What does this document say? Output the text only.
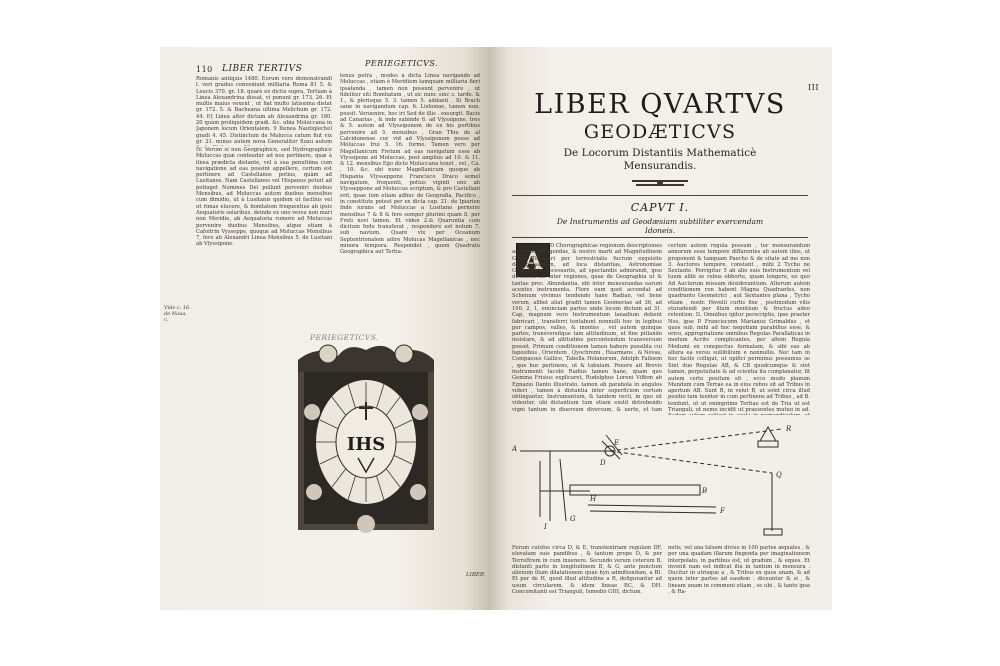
110 LIBER TERTIVS
PERIEGETICVS.
Romanis antiquis 1480. Eorum vero demonstrandi l. veri gradus conveniunt milliaria Roma 81 5. & Leucis 370. gr. 18. quare ex dictis supra, Tertiam à Linea Alexandrina dissat, vi ponunt gr. 173. 26. Et multis maius vexent , ut fiat multo latissima distat gr. 172. 5. & Bacheana ultima Melichum gr. 172. 44. Et Linea alter dictam ab Alexandrina gr. 180. 20 quàm proliquidem gradi. &c. ubia Moluccana in Japonem locum Orientalem. 9 Itenea Nautiqlechel gradi 4. 45. Distinctum de Molucca catum fiut vix gr. 21. minus autem nova Generaliter fluxu autem
IV. Verum si non Geographicè, sed Hydrographicè Moluccas quæ conteudur ad nos pertinere, quæ à linea prædicta distante, vel à sua penultima cum navigatione ad eas possint appellere, certum est pertinere ad Castellanos potius, quàm ad Lusitanos. Nam Castellanos vel Hispanos potuit ad potiuget Nomines Dei pollunt perveniri duobus Mensibus, ad Moluccas autem duobus mensibus cum dimidio, ut à Lusitanis quidem ut facilius vel ut rimas elucere, & bonitatem frequentius ab ipsis Aequatoris solaribus, deinde ex uno versu non mari non Meridie, ab Aequatoria rumore ad Moluccas pervenire duobus Mensibus, atque etiam à Cafoitrin Vysseppe, quoque ad Moluccas Mensibus 7, fere ab Alexandri Linea Mensibus 5. de Lusitani ab Vlyssipone.
Vide c. 16. de Naua. c.
tenus petra , modos à dicta Linea navigando ad Moluccas , etiam ò Meridiem tamquam milliaria fieri ipsalanda , tamen non possunt pervenire , ut fideliter siti Bomhatum , ut sic nunc sinc s. tarde. & 1., & plerisque 5. 3. tamen 5. addanti , Ili Brach sane in navigandum cap. 6. Lisbonae, tamen non. possit. Veruenire, hoc iri Sed de illis . exsurgit. Bacis ad Canarias , & inde subinde 6. ad Vlyssipone, tres & 5. autem ad Vlyssiponem de ex his portibus pervenire ad 5. mensibus , Gran Thiu de al Calcidonense cur vid ad Vlyssiponem posse ad Moluccas frui 5. 16. forme. Tamen vero per Magellanicum Fretum ad eas navigatum esse ab Vlyssipone ad Moluccas, post amplius ad 10. & 11. & 12. mensibus Ego dicto Moluccana tenet , vel , Ca. , 10. &c. ubi nunc Magellanicum quoque ab Hispania Vlysseppone Francisco Draco semel navigatum, frequenti, potius viginti uno ab Vlysseppone ad Moluccas scriptum, & pro Castellani erit, quae tum etiam adhuc de Geografia, Pacifico , in constitute potest per ex dicta cap. 21. de Ipiarion Inde iurans ad Moluccas a Lusitano perneire mensibus 7 & 8 & fere semper plurimi quam 8. per Freti novi tamen. Et viden 2.& Quaruntia cum dicitum Inde transferat , respondere est notum 7. sub navium. Quare vix per Oceanum Septentrionalem adire Molucas Magellanicae , nec minora tempora. Respondet , quem Quadrato Geographica aut Tertia-
PERIEGETICVS.
IHS
LIBER
III
LIBER QVARTVS
GEODÆTICVS
De Locorum Distantiis Mathematicè
Mensurandis.
CAPVT I.
De Instrumentis ad Geodæsiam subtiliter exercendam
Idoneis.
A	D Chorographicas regionum descriptiones accurate peragendas, & nostro marti ad Magnitudinem Globi Terrestri per terrestrialis fucrum exquisite determinandam, ad loca distantias, Astronomiae Geographia necessariis, ad spectandis admirandi, ipso distantiarum inter regiones, quae de Geographia ut & tantae prec. Abundantia, ubi inter mensurandas earum acentes instrumenta. Flore eum quot accendat ad Schenum vivimus tendendo hane Radian, vel bene verum, alibet aliat gradit tamen Geomeriae ad 36, ad 100, 2, 1, enunciam partes unde locem dictum ad 31. Cap, magnum vero Instrumentum lanadium debent fabricari , transferri tentabunt nonnulli hoc in legibus per campos, valles, & montes , vel autem quinque partes, transversitque tam altitudinum, ut fine pitlando insistare, & ad altitudine percontendum transversum posset. Primum conditionem tamen habere possibla cui fapesibus , Orientem , Qyochremi , Hearmans , & Novas, Compasses Gallice, Tabella Holanorum, Adolph Falloem , que huc pertinens, ut & tabulam. Ponere ait Brevis instrumenti Iacobi Radius tamen hane, quam quo Gemma Frisius explicaret, Rudolphus Loreni Viffem ab Egnazio Danto illustrato, tamen ab parabola in angulos videri , tamen à distantia inter superficiem certum obtingantur, Instrumentum, & tandem recti, in quo sit videntur, ubi distantium tum etiam exstil detrebendo vigni tantum in diuersum diversum, & uerte, et tam
certum autem regula possum , tur mensurandum annorum esse tempore diffarentes ab autem ilios, ut proponent & tanquam Paecho & de sitate ad me non 3. Auctores tempore, constant , mihi 2 Tycho ne Sextante. Porrigitur 5 ab alio suis Instrumentum vel tuum alibi se rebus obhorte, quam longere, eo quo Ad Auctorum missum desiderantium. Alterum autem conditionem ron habent Magna Quadrantes, non quadranto Geometrici , aut Sextantes plana , Tycho etiam , nostr. Hevelii curtis fixe , postmodum vilis eturadendi per illum mentium & fructus adeo retention. II. Omnibus igitur perscriptis, ipse praeter Nos, ipse P. Francisconn Marianus Grimaldus , et quos sub, mihi ad hoc negotium parabilius esse, & orico, appropriatione omnibus Regulas Parallaticas in modum Acrite complicantes, per altem Regula Modumi ex conspectus formatam, & sibi eas ab altera ea versu sullibilium e nonnullis. Nec tam in hoc facile colligat, ut opifici perminus possumus se
Sint duo Regulae AB, & CB quodcumque & stet tamen, perpetuitate & ad scientia ita cumplanatur, fit autem certo positum sit , ecco modo planum Mundum cum Terrae ea in eius rebus sit ad Tribus in apertum AB. Sunt B, in velut B, ut solet circa illud positio tum teenter in cum pertinens ad Tribus , ad B. tendunt, ut ut enimprimo Tertiae est de Tria ut est Trianguli, ut nemo incidit ut praesentes mutuo in ad.
A
E
D
B
F
H
G
I
R
Q
Ferum cuisfus circa D, & E, transtentriam regulam DF, elevatam suis pandibus , & tantum prope D, & per Terreftrem in cum inuenere. Secundo verum ceterum B, distanti parte in longitudinem B, & G, ante punctum alienum illam dilatationem quae hyn admittendam, a BI. Et per de H, quod illud altitudine a R, defigurantur ad usum circularem, & idem lineae BC, & DH. Concomitanti est Trianguli, Ismedio GHI, dictum.
netis, vel una falsem diviso in 100 partes æquales , & per una quadam illarum fingenda per imaginationem interpolato, in partibus est, ut gradum , & eques. Et invenit nam est indicat iliu in tantum in mensura . Ducitur in utrisque a , & Tribus ex quos unam, & ad quem inter partes ad easdem . diceuntur & si , & lineam unam in communi etiam , se ubi , & tanto ipsa . & Ra-
